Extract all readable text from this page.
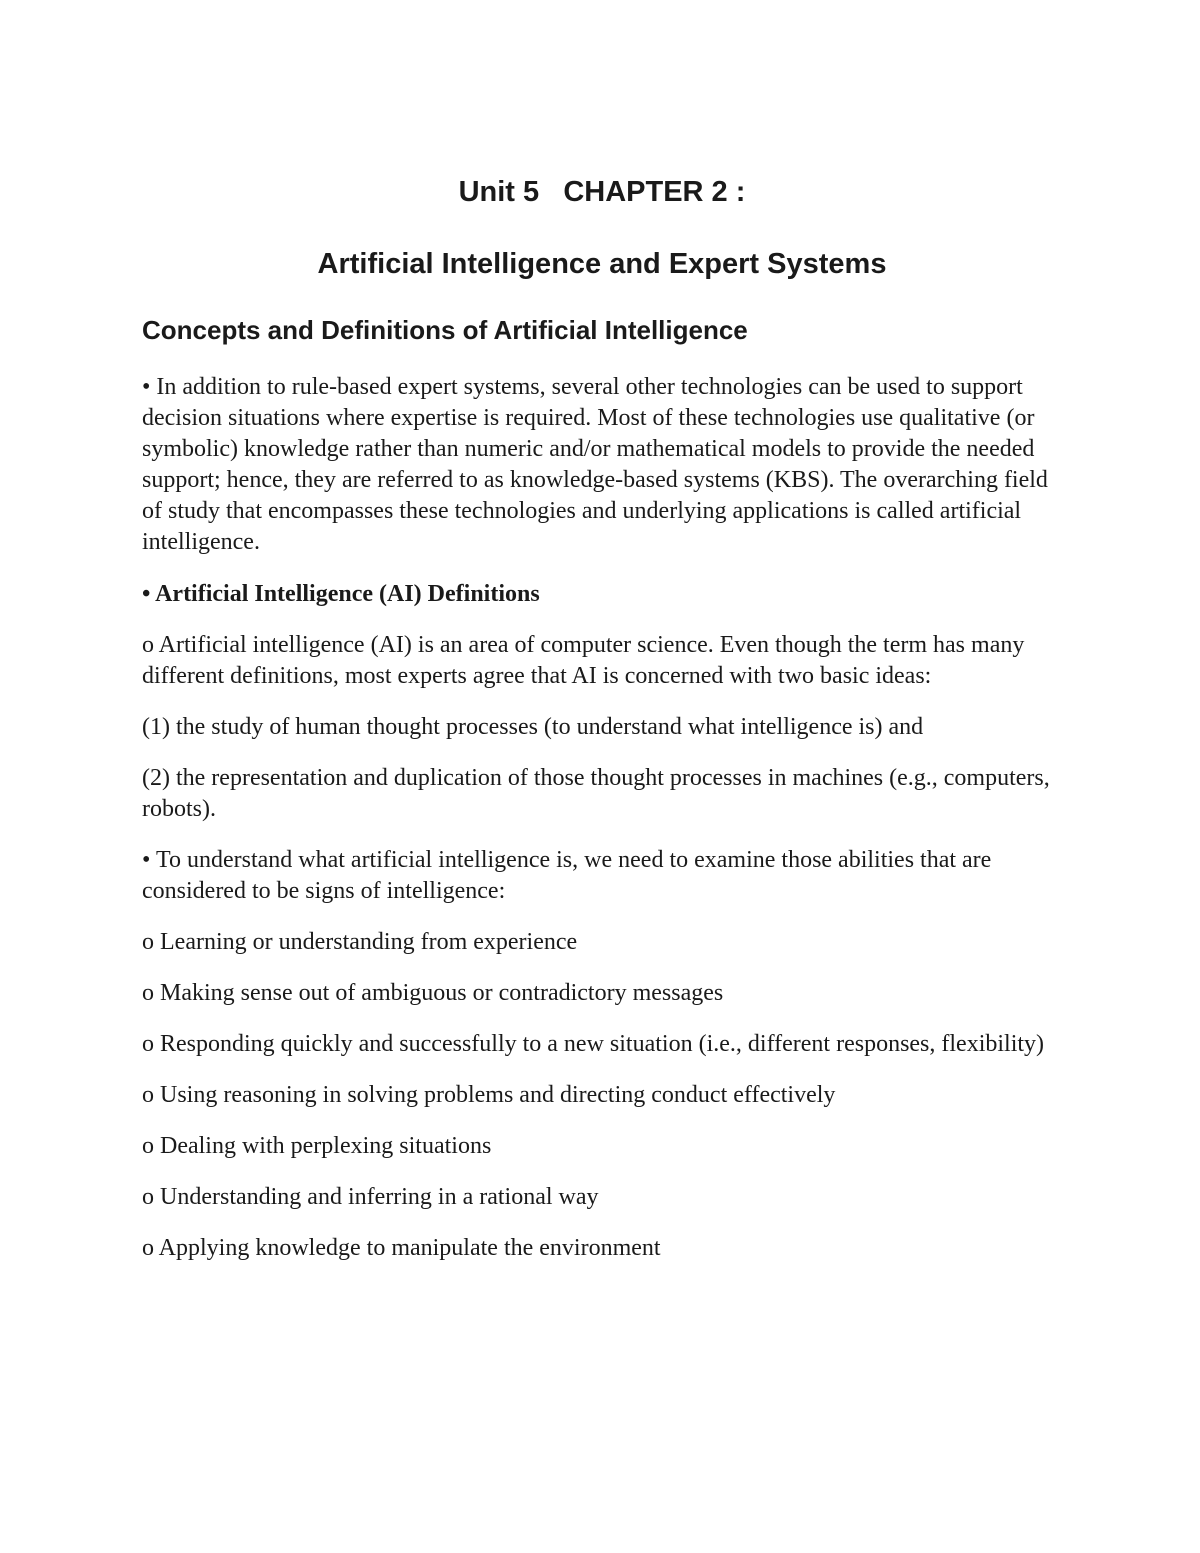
Unit 5   CHAPTER 2 :
Artificial Intelligence and Expert Systems
Concepts and Definitions of Artificial Intelligence

• In addition to rule-based expert systems, several other technologies can be used to support decision situations where expertise is required. Most of these technologies use qualitative (or symbolic) knowledge rather than numeric and/or mathematical models to provide the needed support; hence, they are referred to as knowledge-based systems (KBS). The overarching field of study that encompasses these technologies and underlying applications is called artificial intelligence.

• Artificial Intelligence (AI) Definitions

o Artificial intelligence (AI) is an area of computer science. Even though the term has many different definitions, most experts agree that AI is concerned with two basic ideas:

(1) the study of human thought processes (to understand what intelligence is) and

(2) the representation and duplication of those thought processes in machines (e.g., computers, robots).

• To understand what artificial intelligence is, we need to examine those abilities that are considered to be signs of intelligence:

o Learning or understanding from experience

o Making sense out of ambiguous or contradictory messages

o Responding quickly and successfully to a new situation (i.e., different responses, flexibility)

o Using reasoning in solving problems and directing conduct effectively

o Dealing with perplexing situations

o Understanding and inferring in a rational way

o Applying knowledge to manipulate the environment
